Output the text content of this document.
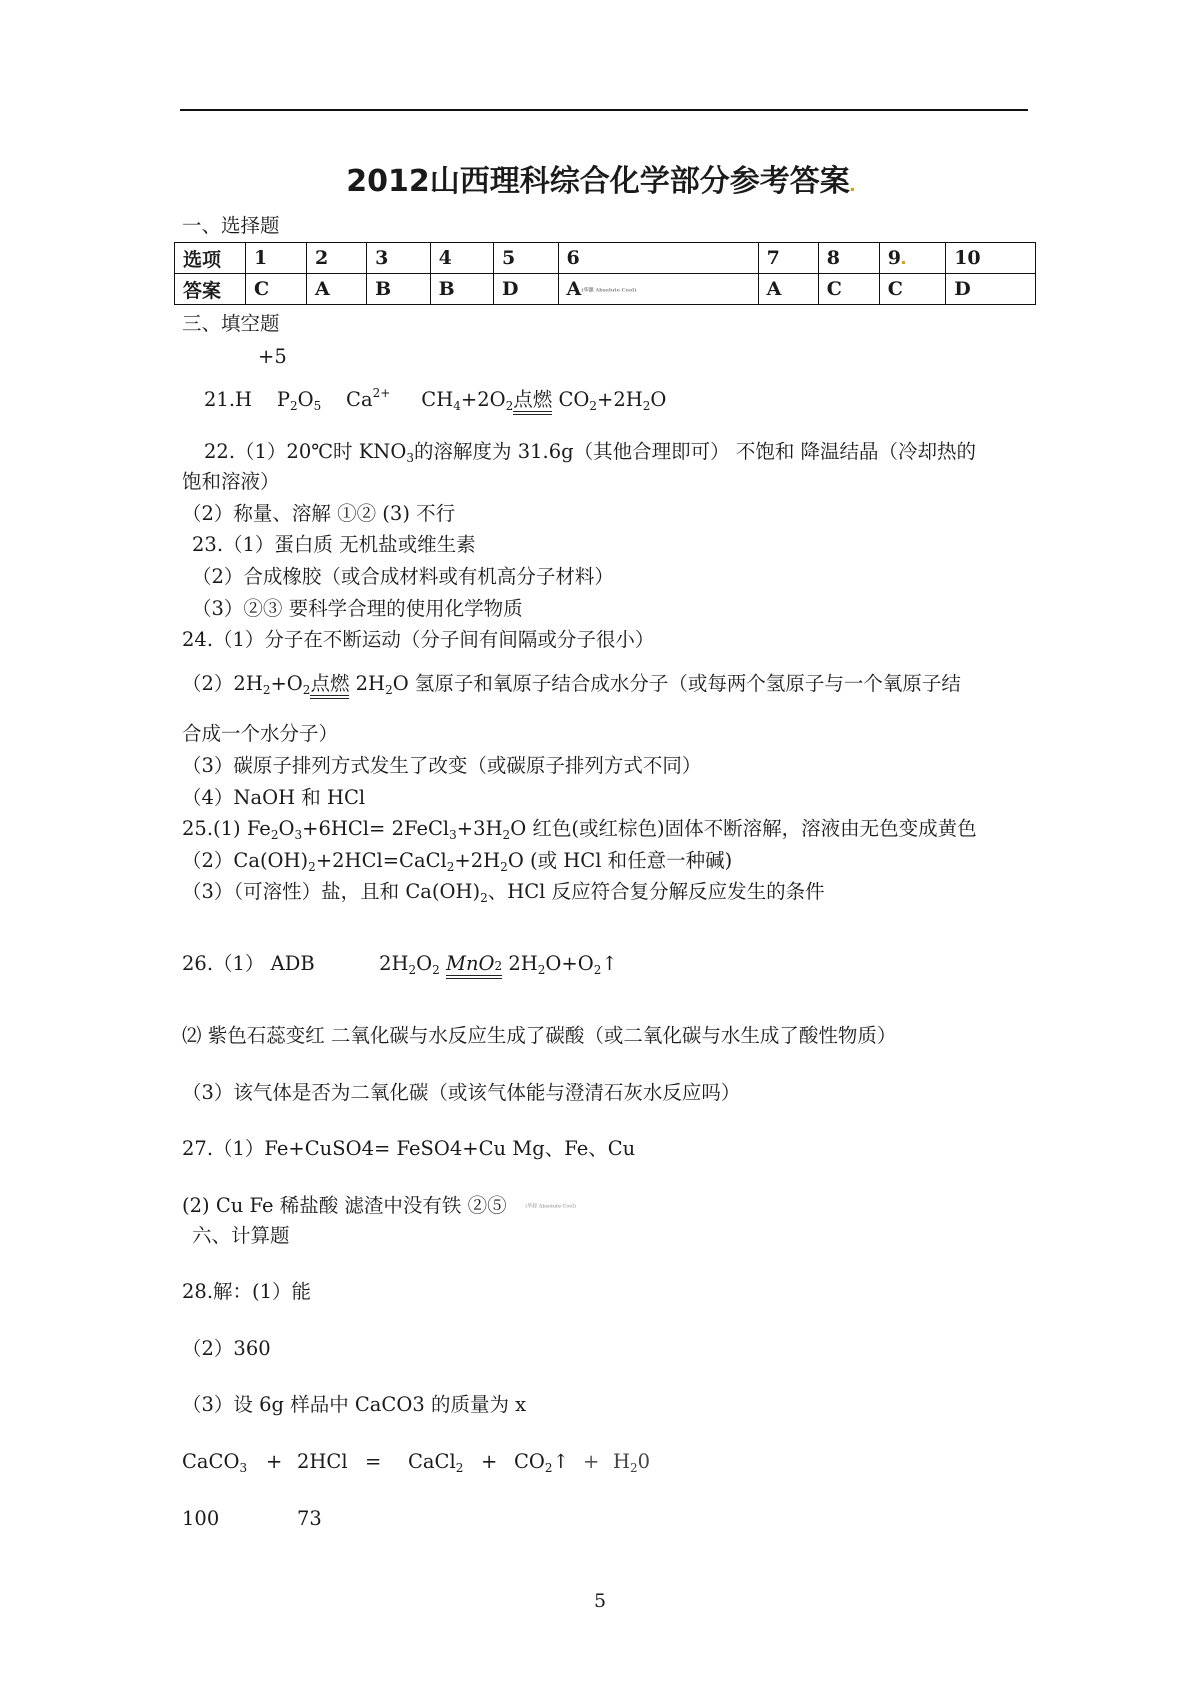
2012山西理科综合化学部分参考答案
一、选择题
选项	1	2	3	4	5	6	7	8	9	10
答案	C	A	B	B	D	A(华源 Absolute Cool)	A	C	C	D
三、填空题
+5
21.H $P_2O_5$ $Ca^{2+}$ $CH_4+2O_2$点燃 $CO_2+2H_2O$
22.（1）20℃时 $KNO_3$的溶解度为 31.6g（其他合理即可） 不饱和 降温结晶（冷却热的
饱和溶液）
（2）称量、溶解 ①② (3) 不行
23.（1）蛋白质 无机盐或维生素
（2）合成橡胶（或合成材料或有机高分子材料）
（3）②③ 要科学合理的使用化学物质
24.（1）分子在不断运动（分子间有间隔或分子很小）
$(2)2H_2+O_2$点燃 $2H_2O$ 氢原子和氧原子结合成水分子（或每两个氢原子与一个氧原子结
合成一个水分子）
（3）碳原子排列方式发生了改变（或碳原子排列方式不同）
（4）NaOH 和 HCl
25.(1) $Fe_2O_3+6HCl=$ $2FeCl_3+3H_2O$ 红色(或红棕色)固体不断溶解，溶液由无色变成黄色
$(2)Ca(OH)_2+2HCl=CaCl_2+2H_2O$ (或 HCl 和任意一种碱)
（3）（可溶性）盐，且和 $Ca(OH)_2$、HCl 反应符合复分解反应发生的条件
26.（1） ADB	$2H_2O_2$ MnO2 $2H_2O+O_2↑$
⑵ 紫色石蕊变红 二氧化碳与水反应生成了碳酸（或二氧化碳与水生成了酸性物质）
（3）该气体是否为二氧化碳（或该气体能与澄清石灰水反应吗）
27.（1）Fe+CuSO4= FeSO4+Cu Mg、Fe、Cu
(2) Cu Fe 稀盐酸 滤渣中没有铁 ②⑤	(华源 Absolute Cool)
六、计算题
28.解：(1）能
（2）360
（3）设 6g 样品中 CaCO3 的质量为 x
CaCO$_3$ + 2HCl = CaCl$_2$ + $CO_2↑ + H_20$
100	73
5
